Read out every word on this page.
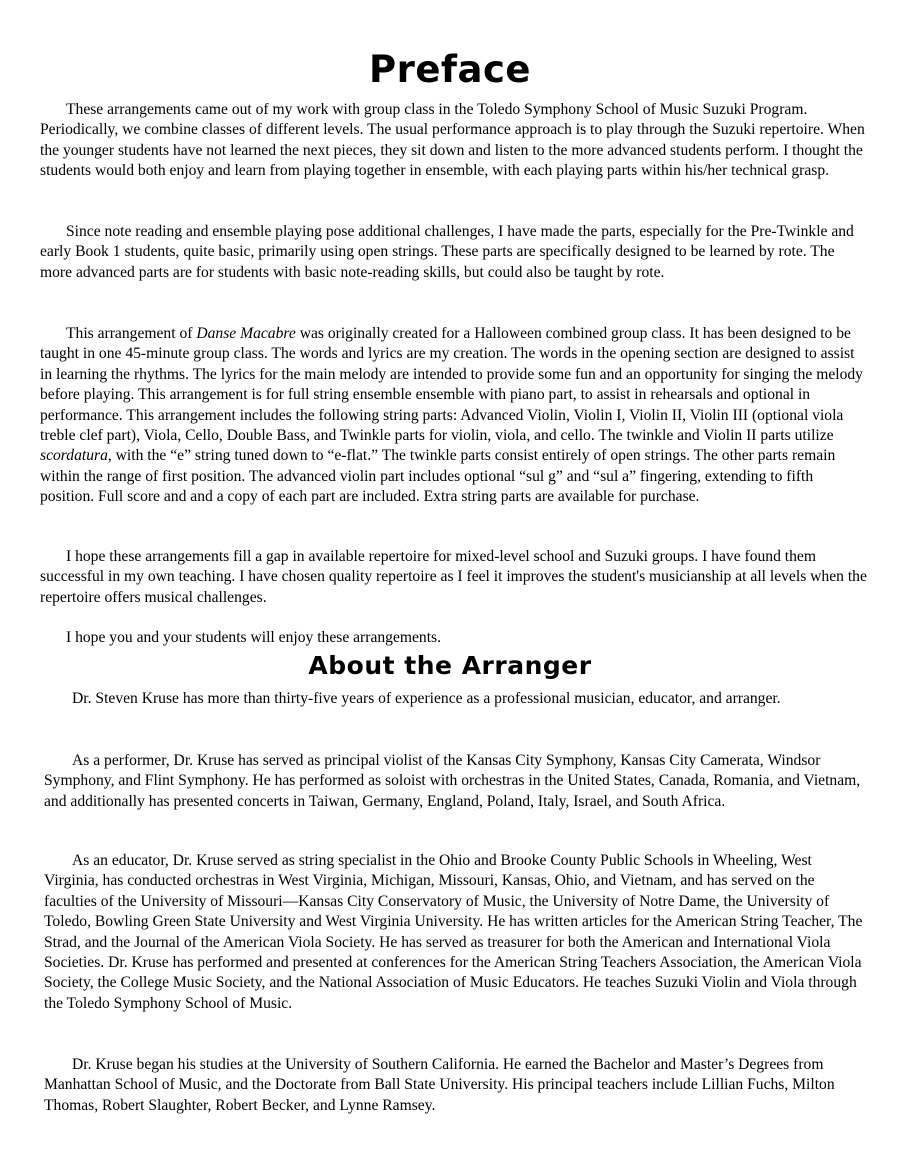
Preface

These arrangements came out of my work with group class in the Toledo Symphony School of Music Suzuki Program. Periodically, we combine classes of different levels. The usual performance approach is to play through the Suzuki repertoire. When the younger students have not learned the next pieces, they sit down and listen to the more advanced students perform. I thought the students would both enjoy and learn from playing together in ensemble, with each playing parts within his/her technical grasp.

Since note reading and ensemble playing pose additional challenges, I have made the parts, especially for the Pre-Twinkle and early Book 1 students, quite basic, primarily using open strings. These parts are specifically designed to be learned by rote. The more advanced parts are for students with basic note-reading skills, but could also be taught by rote.

This arrangement of Danse Macabre was originally created for a Halloween combined group class. It has been designed to be taught in one 45-minute group class. The words and lyrics are my creation. The words in the opening section are designed to assist in learning the rhythms. The lyrics for the main melody are intended to provide some fun and an opportunity for singing the melody before playing. This arrangement is for full string ensemble ensemble with piano part, to assist in rehearsals and optional in performance. This arrangement includes the following string parts: Advanced Violin, Violin I, Violin II, Violin III (optional viola treble clef part), Viola, Cello, Double Bass, and Twinkle parts for violin, viola, and cello. The twinkle and Violin II parts utilize scordatura, with the “e” string tuned down to “e-flat.” The twinkle parts consist entirely of open strings. The other parts remain within the range of first position. The advanced violin part includes optional “sul g” and “sul a” fingering, extending to fifth position. Full score and and a copy of each part are included. Extra string parts are available for purchase.

I hope these arrangements fill a gap in available repertoire for mixed-level school and Suzuki groups. I have found them successful in my own teaching. I have chosen quality repertoire as I feel it improves the student's musicianship at all levels when the repertoire offers musical challenges.

I hope you and your students will enjoy these arrangements.

About the Arranger

Dr. Steven Kruse has more than thirty-five years of experience as a professional musician, educator, and arranger.

As a performer, Dr. Kruse has served as principal violist of the Kansas City Symphony, Kansas City Camerata, Windsor Symphony, and Flint Symphony. He has performed as soloist with orchestras in the United States, Canada, Romania, and Vietnam, and additionally has presented concerts in Taiwan, Germany, England, Poland, Italy, Israel, and South Africa.

As an educator, Dr. Kruse served as string specialist in the Ohio and Brooke County Public Schools in Wheeling, West Virginia, has conducted orchestras in West Virginia, Michigan, Missouri, Kansas, Ohio, and Vietnam, and has served on the faculties of the University of Missouri—Kansas City Conservatory of Music, the University of Notre Dame, the University of Toledo, Bowling Green State University and West Virginia University. He has written articles for the American String Teacher, The Strad, and the Journal of the American Viola Society. He has served as treasurer for both the American and International Viola Societies. Dr. Kruse has performed and presented at conferences for the American String Teachers Association, the American Viola Society, the College Music Society, and the National Association of Music Educators. He teaches Suzuki Violin and Viola through the Toledo Symphony School of Music.

Dr. Kruse began his studies at the University of Southern California. He earned the Bachelor and Master’s Degrees from Manhattan School of Music, and the Doctorate from Ball State University. His principal teachers include Lillian Fuchs, Milton Thomas, Robert Slaughter, Robert Becker, and Lynne Ramsey.
